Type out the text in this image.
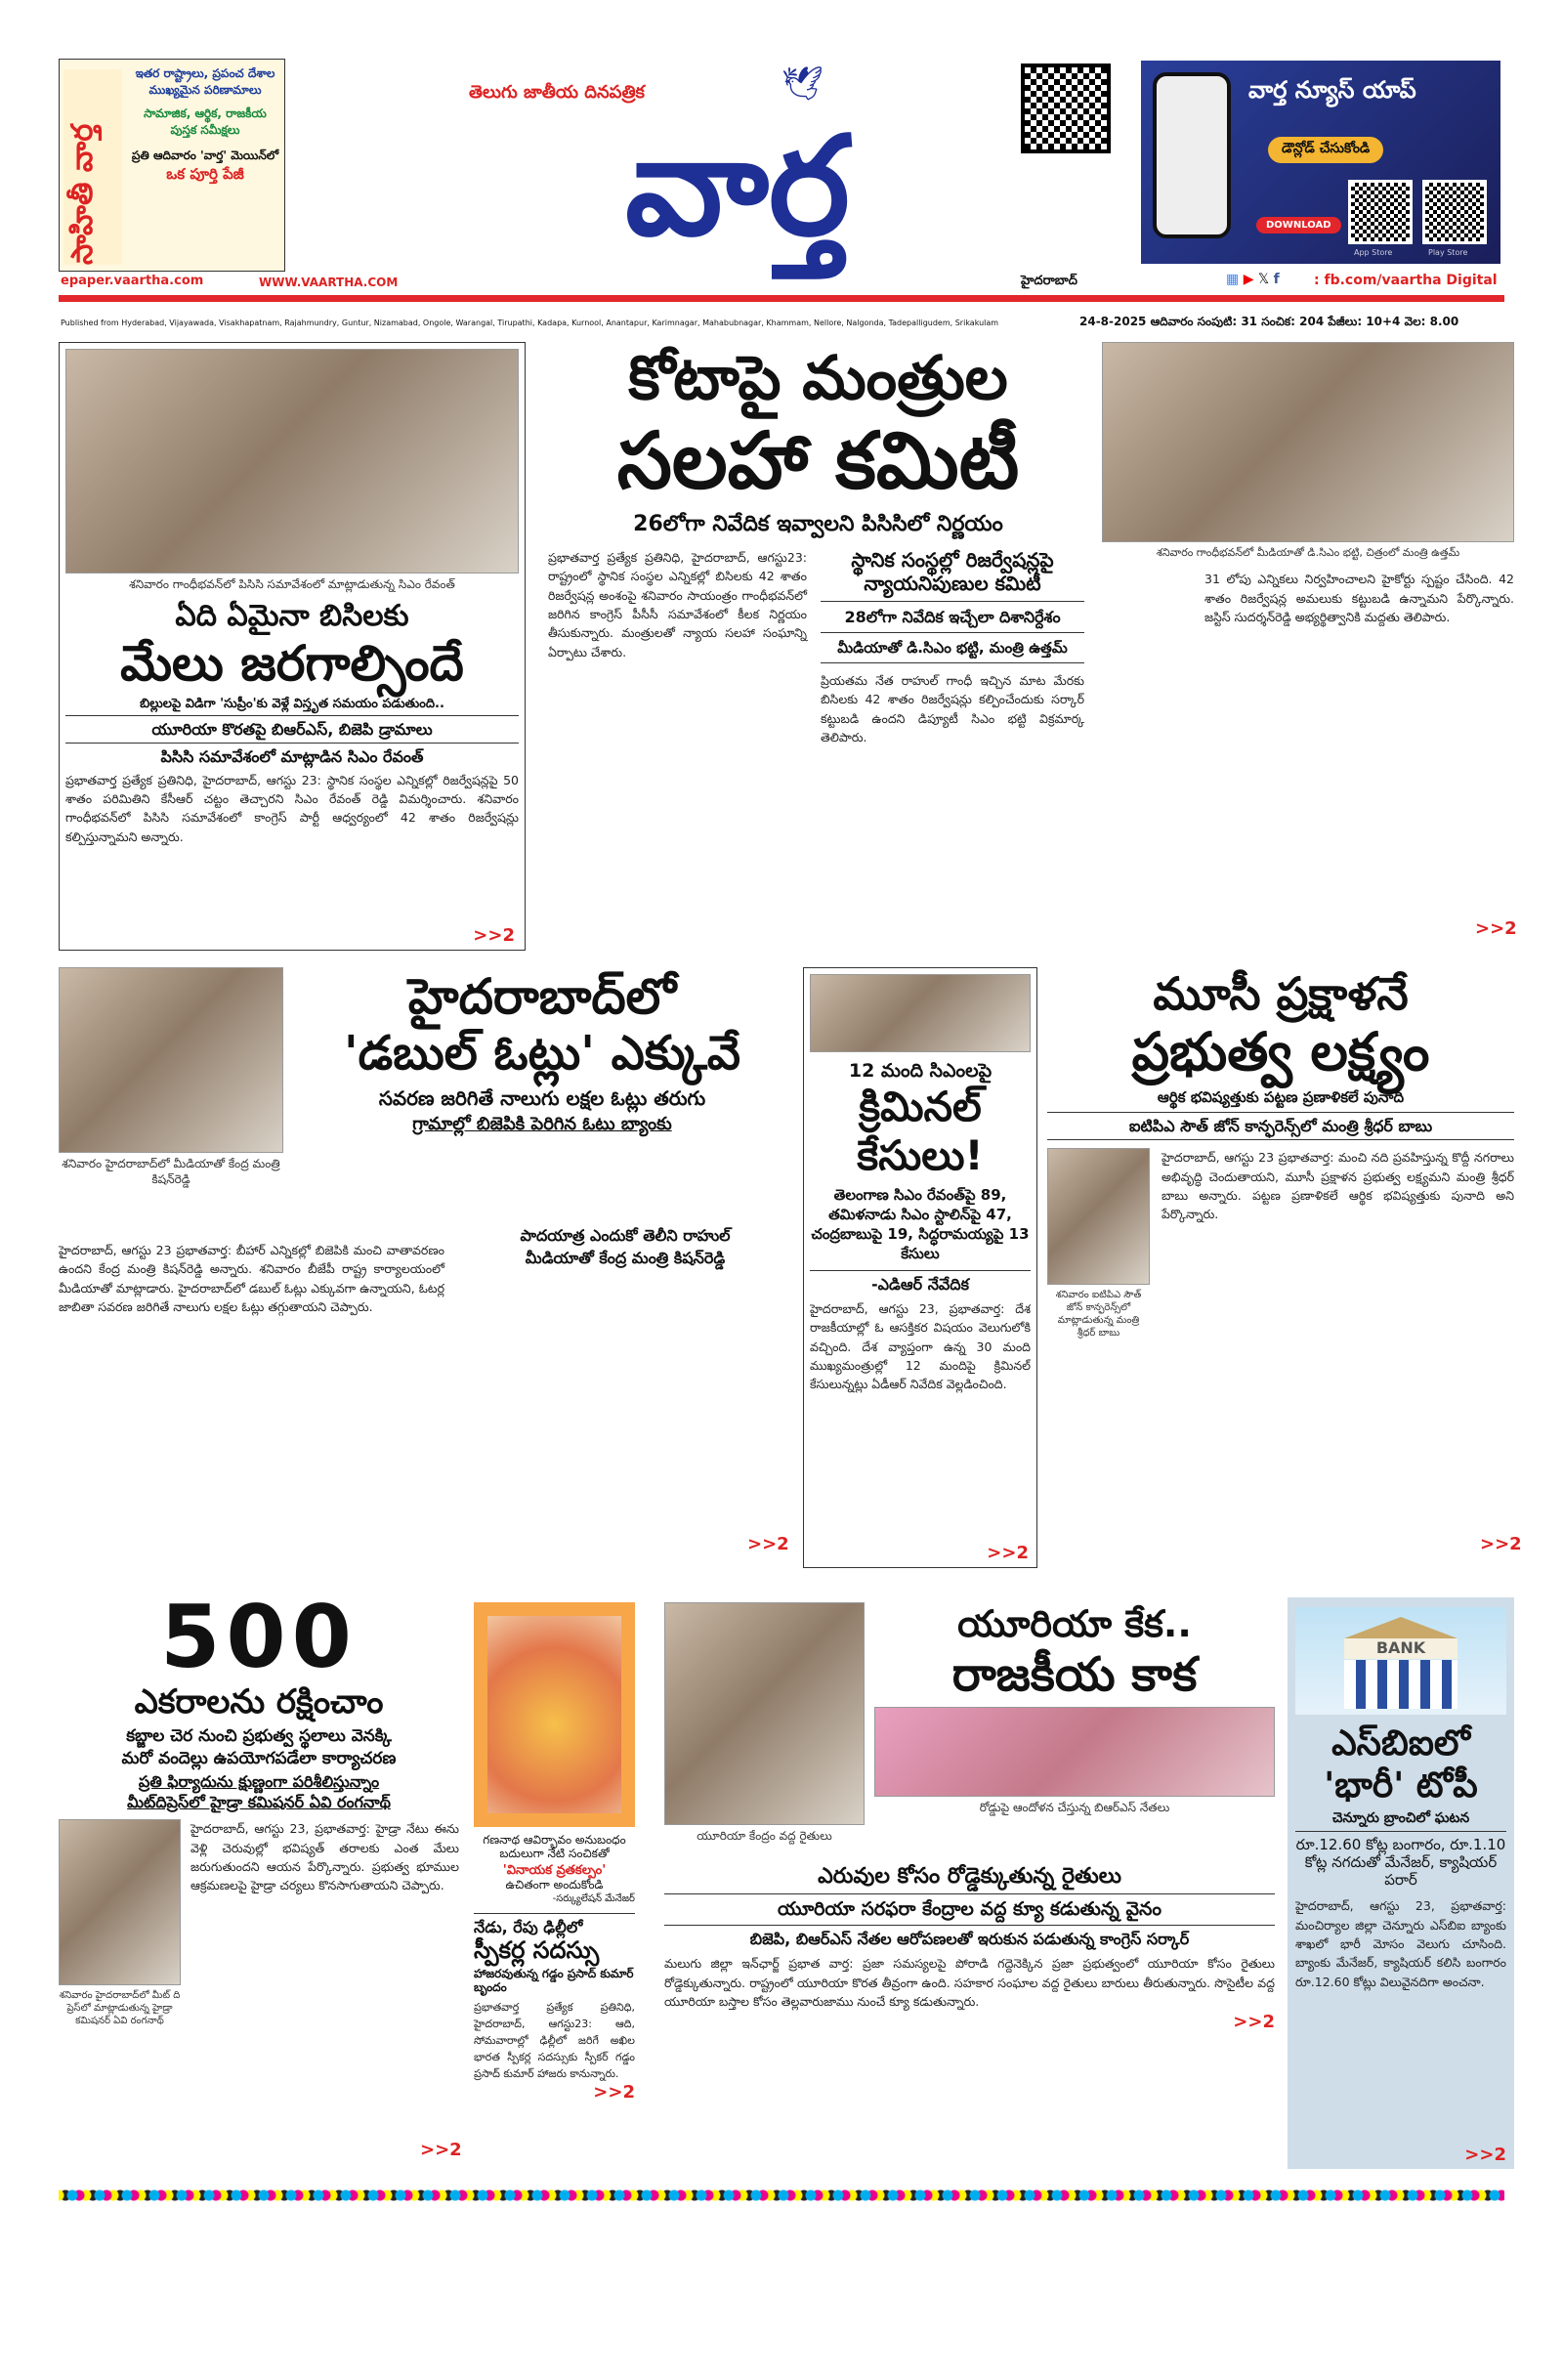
సాహితీ వార్త
ఇతర రాష్ట్రాలు, ప్రపంచ దేశాల
ముఖ్యమైన పరిణామాలు
సామాజిక, ఆర్థిక, రాజకీయ
పుస్తక సమీక్షలు
ప్రతి ఆదివారం 'వార్త' మెయిన్‌లో
ఒక పూర్తి పేజీ
epaper.vaartha.com	WWW.VAARTHA.COM
తెలుగు జాతీయ దినపత్రిక	🕊
వార్త
వార్త న్యూస్ యాప్
డౌన్లోడ్ చేసుకోండి
DOWNLOAD
App Store	Play Store
హైదరాబాద్	▦ ▶ 𝕏 f	: fb.com/vaartha Digital
Published from Hyderabad, Vijayawada, Visakhapatnam, Rajahmundry, Guntur, Nizamabad, Ongole, Warangal, Tirupathi, Kadapa, Kurnool, Anantapur, Karimnagar, Mahabubnagar, Khammam, Nellore, Nalgonda, Tadepalligudem, Srikakulam	24-8-2025 ఆదివారం సంపుటి: 31 సంచిక: 204 పేజీలు: 10+4 వెల: 8.00
శనివారం గాంధీభవన్‌లో పిసిసి సమావేశంలో మాట్లాడుతున్న సిఎం రేవంత్
ఏది ఏమైనా బిసిలకు
మేలు జరగాల్సిందే
బిల్లులపై విడిగా 'సుప్రీం'కు వెళ్లే విస్తృత సమయం పడుతుంది..
యూరియా కొరతపై బిఆర్ఎస్, బిజెపి డ్రామాలు
పిసిసి సమావేశంలో మాట్లాడిన సిఎం రేవంత్
ప్రభాతవార్త ప్రత్యేక ప్రతినిధి, హైదరాబాద్, ఆగస్టు 23: స్థానిక సంస్థల ఎన్నికల్లో రిజర్వేషన్లపై 50 శాతం పరిమితిని కేసీఆర్ చట్టం తెచ్చారని సిఎం రేవంత్ రెడ్డి విమర్శించారు. శనివారం గాంధీభవన్‌లో పిసిసి సమావేశంలో కాంగ్రెస్ పార్టీ ఆధ్వర్యంలో 42 శాతం రిజర్వేషన్లు కల్పిస్తున్నామని అన్నారు.
>>2
కోటాపై మంత్రుల
సలహా కమిటీ
26లోగా నివేదిక ఇవ్వాలని పిసిసిలో నిర్ణయం
ప్రభాతవార్త ప్రత్యేక ప్రతినిధి, హైదరాబాద్, ఆగస్టు23: రాష్ట్రంలో స్థానిక సంస్థల ఎన్నికల్లో బిసిలకు 42 శాతం రిజర్వేషన్ల అంశంపై శనివారం సాయంత్రం గాంధీభవన్‌లో జరిగిన కాంగ్రెస్ పీసీసీ సమావేశంలో కీలక నిర్ణయం తీసుకున్నారు. మంత్రులతో న్యాయ సలహా సంఘాన్ని ఏర్పాటు చేశారు.
స్థానిక సంస్థల్లో రిజర్వేషన్లపై న్యాయనిపుణుల కమిటీ
28లోగా నివేదిక ఇచ్చేలా దిశానిర్దేశం
మీడియాతో డి.సిఎం భట్టి, మంత్రి ఉత్తమ్
ప్రియతమ నేత రాహుల్ గాంధీ ఇచ్చిన మాట మేరకు బిసిలకు 42 శాతం రిజర్వేషన్లు కల్పించేందుకు సర్కార్ కట్టుబడి ఉందని డిప్యూటీ సిఎం భట్టి విక్రమార్క తెలిపారు.
శనివారం గాంధీభవన్‌లో మీడియాతో డి.సిఎం భట్టి, చిత్రంలో మంత్రి ఉత్తమ్
31 లోపు ఎన్నికలు నిర్వహించాలని హైకోర్టు స్పష్టం చేసింది. 42 శాతం రిజర్వేషన్ల అమలుకు కట్టుబడి ఉన్నామని పేర్కొన్నారు. జస్టిస్ సుదర్శన్‌రెడ్డి అభ్యర్థిత్వానికి మద్దతు తెలిపారు.
>>2
శనివారం హైదరాబాద్‌లో మీడియాతో కేంద్ర మంత్రి కిషన్‌రెడ్డి
హైదరాబాద్‌లో
'డబుల్ ఓట్లు' ఎక్కువే
సవరణ జరిగితే నాలుగు లక్షల ఓట్లు తరుగు
గ్రామాల్లో బిజెపికి పెరిగిన ఓటు బ్యాంకు
పాదయాత్ర ఎందుకో తెలీని రాహుల్
మీడియాతో కేంద్ర మంత్రి కిషన్‌రెడ్డి
హైదరాబాద్, ఆగస్టు 23 ప్రభాతవార్త: బీహార్ ఎన్నికల్లో బిజెపికి మంచి వాతావరణం ఉందని కేంద్ర మంత్రి కిషన్‌రెడ్డి అన్నారు. శనివారం బీజేపీ రాష్ట్ర కార్యాలయంలో మీడియాతో మాట్లాడారు. హైదరాబాద్‌లో డబుల్ ఓట్లు ఎక్కువగా ఉన్నాయని, ఓటర్ల జాబితా సవరణ జరిగితే నాలుగు లక్షల ఓట్లు తగ్గుతాయని చెప్పారు.
>>2
12 మంది సిఎంలపై
క్రిమినల్ కేసులు!
తెలంగాణ సిఎం రేవంత్‌పై 89, తమిళనాడు సిఎం స్టాలిన్‌పై 47, చంద్రబాబుపై 19, సిద్ధరామయ్యపై 13 కేసులు
-ఎడిఆర్ నేవేదిక
హైదరాబాద్, ఆగస్టు 23, ప్రభాతవార్త: దేశ రాజకీయాల్లో ఓ ఆసక్తికర విషయం వెలుగులోకి వచ్చింది. దేశ వ్యాప్తంగా ఉన్న 30 మంది ముఖ్యమంత్రుల్లో 12 మందిపై క్రిమినల్ కేసులున్నట్లు ఏడీఆర్ నివేదిక వెల్లడించింది.
>>2
మూసీ ప్రక్షాళనే
ప్రభుత్వ లక్ష్యం
ఆర్థిక భవిష్యత్తుకు పట్టణ ప్రణాళికలే పునాది
ఐటిపిఎ సౌత్ జోన్ కాన్ఫరెన్స్‌లో మంత్రి శ్రీధర్ బాబు
శనివారం ఐటిపిఎ సౌత్ జోన్ కాన్ఫరెన్స్‌లో మాట్లాడుతున్న మంత్రి శ్రీధర్ బాబు
హైదరాబాద్, ఆగస్టు 23 ప్రభాతవార్త: మంచి నది ప్రవహిస్తున్న కొద్దీ నగరాలు అభివృద్ధి చెందుతాయని, మూసీ ప్రక్షాళన ప్రభుత్వ లక్ష్యమని మంత్రి శ్రీధర్ బాబు అన్నారు. పట్టణ ప్రణాళికలే ఆర్థిక భవిష్యత్తుకు పునాది అని పేర్కొన్నారు.
>>2
500
ఎకరాలను రక్షించాం
కబ్జాల చెర నుంచి ప్రభుత్వ స్థలాలు వెనక్కి
మరో వందెల్లు ఉపయోగపడేలా కార్యాచరణ
ప్రతి ఫిర్యాదును క్షుణ్ణంగా పరిశీలిస్తున్నాం
మీట్‌దిప్రెస్‌లో హైడ్రా కమిషనర్ ఏవి రంగనాథ్
శనివారం హైదరాబాద్‌లో మీట్ ది ప్రెస్‌లో మాట్లాడుతున్న హైడ్రా కమిషనర్ ఏవి రంగనాథ్
హైదరాబాద్, ఆగస్టు 23, ప్రభాతవార్త: హైడ్రా నేటు ఈను వెళ్లి చెరువుల్లో భవిష్యత్ తరాలకు ఎంత మేలు జరుగుతుందని ఆయన పేర్కొన్నారు. ప్రభుత్వ భూముల ఆక్రమణలపై హైడ్రా చర్యలు కొనసాగుతాయని చెప్పారు.
>>2
గణనాథ ఆవిర్భావం అనుబంధం బదులుగా నేటి సంచికతో
'వినాయక వ్రతకల్పం'
ఉచితంగా అందుకోండి
-సర్క్యులేషన్ మేనేజర్
నేడు, రేపు ఢిల్లీలో
స్పీకర్ల సదస్సు
హాజరవుతున్న గడ్డం ప్రసాద్ కుమార్ బృందం
ప్రభాతవార్త ప్రత్యేక ప్రతినిధి, హైదరాబాద్, ఆగస్టు23: ఆది, సోమవారాల్లో ఢిల్లీలో జరిగే అఖిల భారత స్పీకర్ల సదస్సుకు స్పీకర్ గడ్డం ప్రసాద్ కుమార్ హాజరు కానున్నారు.
>>2
యూరియా కేంద్రం వద్ద రైతులు
యూరియా కేక..
రాజకీయ కాక
రోడ్డుపై ఆందోళన చేస్తున్న బిఆర్ఎస్ నేతలు
ఎరువుల కోసం రోడ్డెక్కుతున్న రైతులు
యూరియా సరఫరా కేంద్రాల వద్ద క్యూ కడుతున్న వైనం
బిజెపి, బిఆర్ఎస్ నేతల ఆరోపణలతో ఇరుకున పడుతున్న కాంగ్రెస్ సర్కార్
మలుగు జిల్లా ఇన్‌ఛార్జ్ ప్రభాత వార్త: ప్రజా సమస్యలపై పోరాడి గద్దెనెక్కిన ప్రజా ప్రభుత్వంలో యూరియా కోసం రైతులు రోడ్డెక్కుతున్నారు. రాష్ట్రంలో యూరియా కొరత తీవ్రంగా ఉంది. సహకార సంఘాల వద్ద రైతులు బారులు తీరుతున్నారు. సొసైటీల వద్ద యూరియా బస్తాల కోసం తెల్లవారుజాము నుంచే క్యూ కడుతున్నారు.
>>2
BANK
ఎస్‌బిఐలో
'భారీ' టోపీ
చెన్నూరు బ్రాంచిలో ఘటన
రూ.12.60 కోట్ల బంగారం, రూ.1.10 కోట్ల నగదుతో మేనేజర్, క్యాషియర్ పరార్
హైదరాబాద్, ఆగస్టు 23, ప్రభాతవార్త: మంచిర్యాల జిల్లా చెన్నూరు ఎస్‌బిఐ బ్యాంకు శాఖలో భారీ మోసం వెలుగు చూసింది. బ్యాంకు మేనేజర్, క్యాషియర్ కలిసి బంగారం రూ.12.60 కోట్లు విలువైనదిగా అంచనా.
>>2
